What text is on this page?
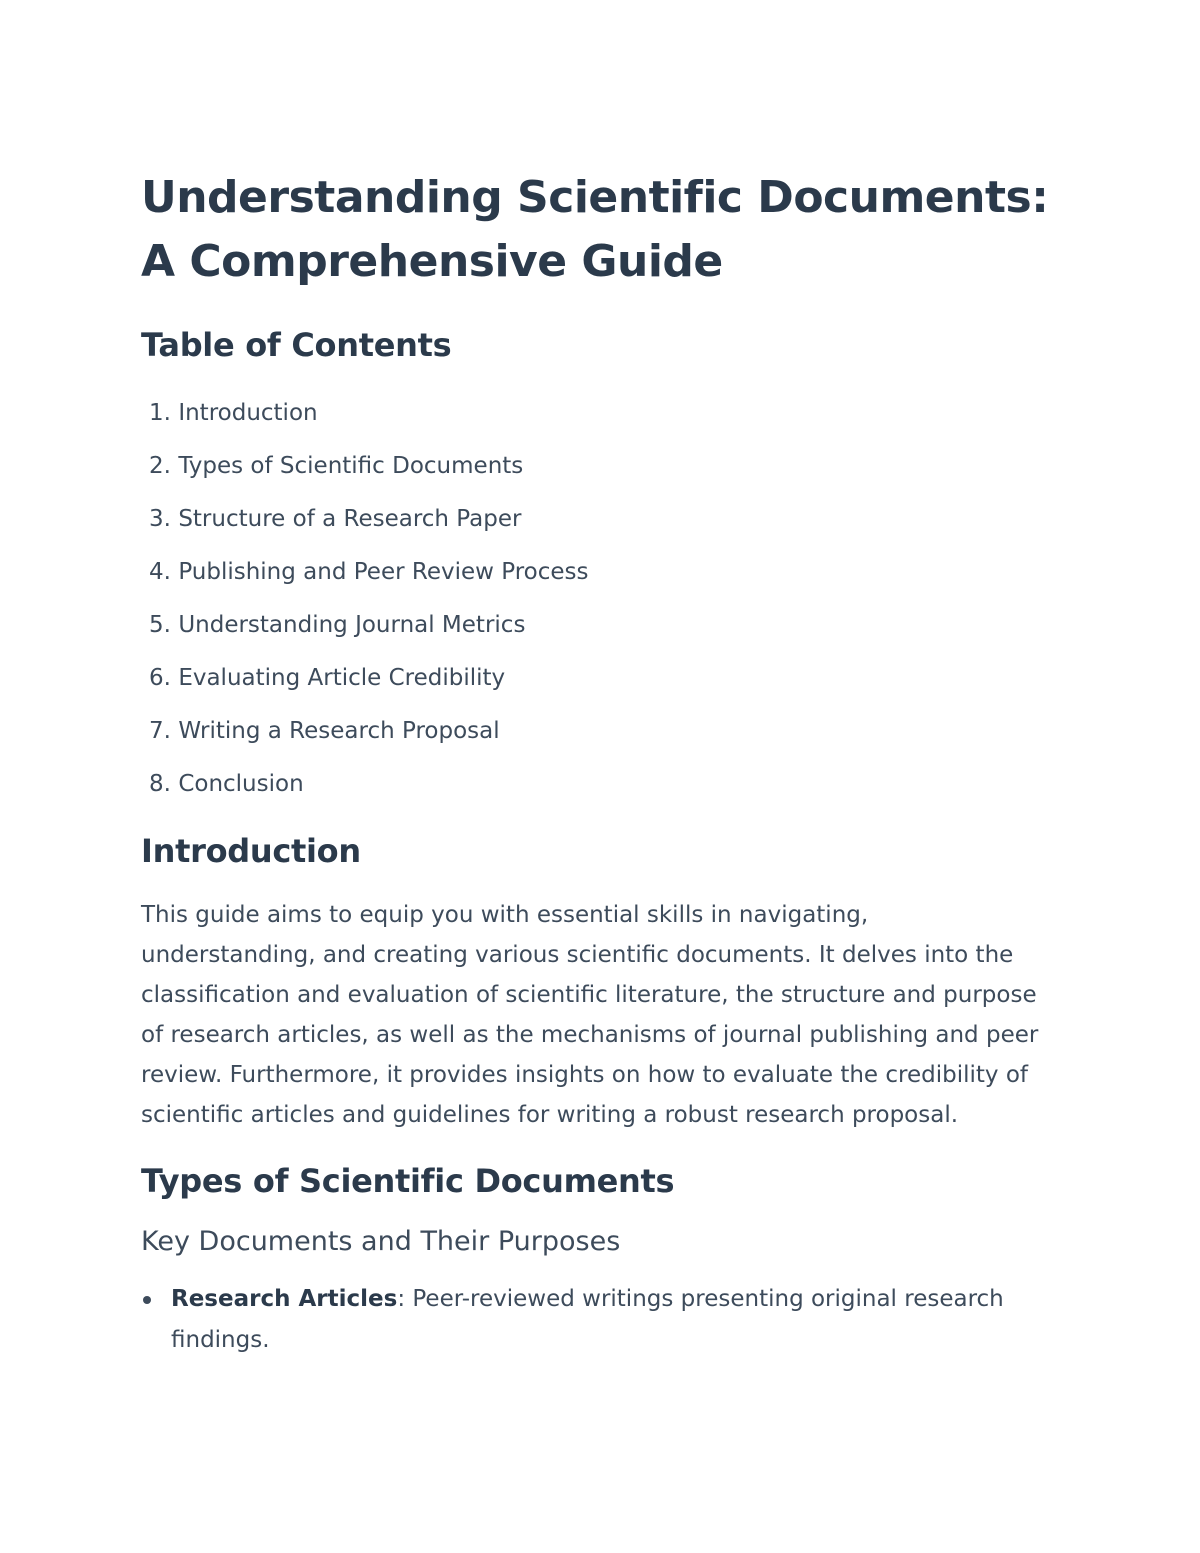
Understanding Scientific Documents: A Comprehensive Guide
Table of Contents
1.
Introduction
2.
Types of Scientific Documents
3.
Structure of a Research Paper
4.
Publishing and Peer Review Process
5.
Understanding Journal Metrics
6.
Evaluating Article Credibility
7.
Writing a Research Proposal
8.
Conclusion
Introduction

This guide aims to equip you with essential skills in navigating, understanding, and creating various scientific documents. It delves into the classification and evaluation of scientific literature, the structure and purpose of research articles, as well as the mechanisms of journal publishing and peer review. Furthermore, it provides insights on how to evaluate the credibility of scientific articles and guidelines for writing a robust research proposal.

Types of Scientific Documents
Key Documents and Their Purposes
Research Articles: Peer-reviewed writings presenting original research findings.
